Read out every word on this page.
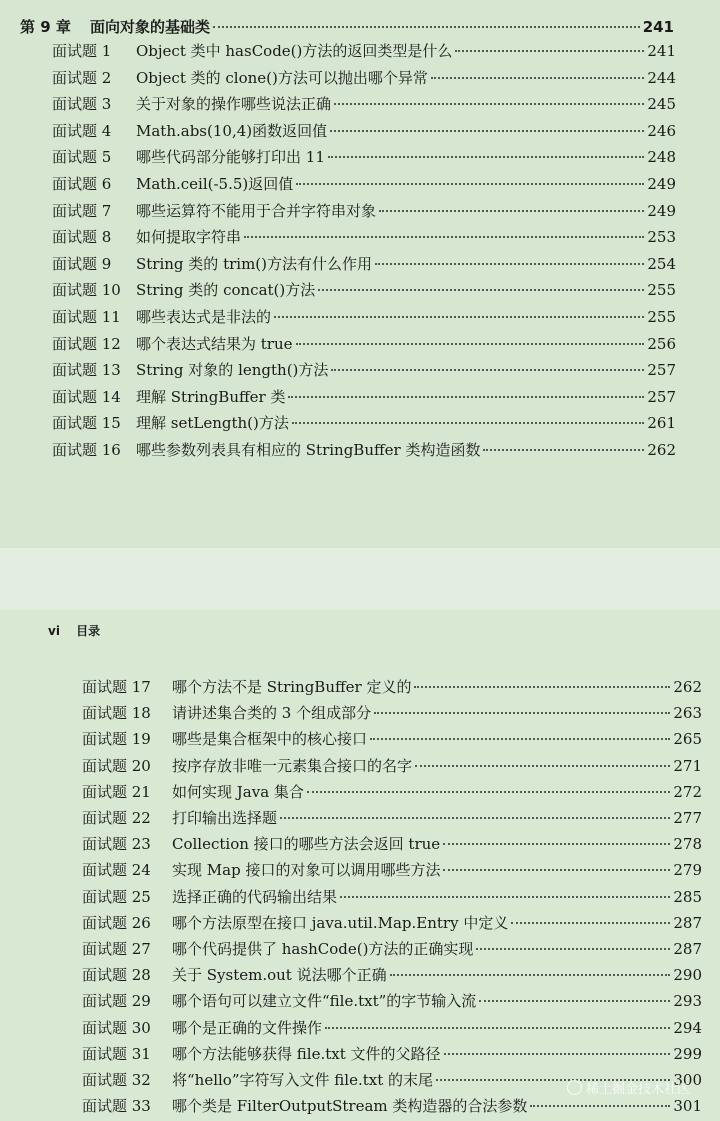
第 9 章	面向对象的基础类	241
面试题 1	Object 类中 hasCode()方法的返回类型是什么	241
面试题 2	Object 类的 clone()方法可以抛出哪个异常	244
面试题 3	关于对象的操作哪些说法正确	245
面试题 4	Math.abs(10,4)函数返回值	246
面试题 5	哪些代码部分能够打印出 11	248
面试题 6	Math.ceil(-5.5)返回值	249
面试题 7	哪些运算符不能用于合并字符串对象	249
面试题 8	如何提取字符串	253
面试题 9	String 类的 trim()方法有什么作用	254
面试题 10	String 类的 concat()方法	255
面试题 11	哪些表达式是非法的	255
面试题 12	哪个表达式结果为 true	256
面试题 13	String 对象的 length()方法	257
面试题 14	理解 StringBuffer 类	257
面试题 15	理解 setLength()方法	261
面试题 16	哪些参数列表具有相应的 StringBuffer 类构造函数	262
vi 目录
面试题 17	哪个方法不是 StringBuffer 定义的	262
面试题 18	请讲述集合类的 3 个组成部分	263
面试题 19	哪些是集合框架中的核心接口	265
面试题 20	按序存放非唯一元素集合接口的名字	271
面试题 21	如何实现 Java 集合	272
面试题 22	打印输出选择题	277
面试题 23	Collection 接口的哪些方法会返回 true	278
面试题 24	实现 Map 接口的对象可以调用哪些方法	279
面试题 25	选择正确的代码输出结果	285
面试题 26	哪个方法原型在接口 java.util.Map.Entry 中定义	287
面试题 27	哪个代码提供了 hashCode()方法的正确实现	287
面试题 28	关于 System.out 说法哪个正确	290
面试题 29	哪个语句可以建立文件“file.txt”的字节输入流	293
面试题 30	哪个是正确的文件操作	294
面试题 31	哪个方法能够获得 file.txt 文件的父路径	299
面试题 32	将“hello”字符写入文件 file.txt 的末尾	300
面试题 33	哪个类是 FilterOutputStream 类构造器的合法参数	301
稀土掘金技术社区
